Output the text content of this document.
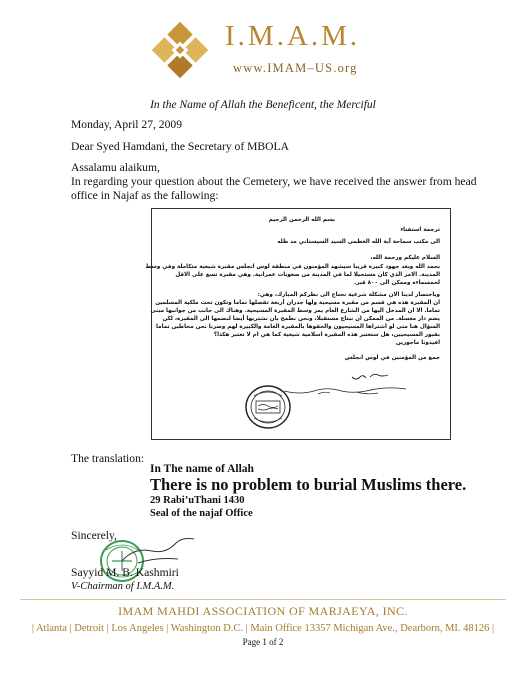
I.M.A.M.
www.IMAM–US.org
In the Name of Allah the Beneficent, the Merciful
Monday, April 27, 2009
Dear Syed Hamdani, the Secretary of MBOLA
Assalamu alaikum,
In regarding your question about the Cemetery, we have received the answer from head
office in Najaf as the fallowing:
بسم الله الرحمن الرحيم
ترجمة استفتاء
الى مكتب سماحة آية الله العظمى السيد السيستاني مد ظله
السلام عليكم ورحمة الله،
بحمد الله وبعد جهود كبيرة قريبا سيشهد المؤمنون في منطقة لوس انجلس مقبرة شيعية متكاملة وفي وسط
المدينة. الامر الذي كان مستحيلا لما في المدينة من صعوبات عمرانية. وهي مقبرة تسع على الاقل
لخمسماءة وممكن الى ٨٠٠ قبر.
وباختصار لدينا الان مشكلة شرعية نحتاج الى نظركم المبارك، وهي:
ان المقبرة هذه هي قسم من مقبرة مسيحية ولها جدران أربعة تفصلها تماما وتكون تحت ملكية المسلمين
تماما. الا ان المدخل اليها من الشارع العام يمر وسط المقبرة المسيحية. وهناك الى جانب من جوانبها مبنى
يضم دار مغسلة. من الممكن ان نبتاع مستقبلا، ونحن نطمح بان نشتريها أيضا لنضمها الى المقبرة، لكن
السؤال هنا متى لو اشتراها المسيحيون والحقوها بالمقبرة العامة والكبيرة لهم وصرنا نحن محاطين تماما
بقبور المسيحيين، هل ستعتبر هذه المقبرة اسلامية شيعية كما هي ام لا تعتبر هكذا؟
افيدونا ماجورين
جمع من المؤمنين في لوس انجلس
The translation:
In The name of Allah
There is no problem to burial Muslims there.
29 Rabi’uThani 1430
Seal of the najaf Office
Sincerely,
Sayyid M. B. Kashmiri
V-Chairman of I.M.A.M.
IMAM MAHDI ASSOCIATION OF MARJAEYA, INC.
| Atlanta | Detroit | Los Angeles | Washington D.C. | Main Office 13357 Michigan Ave., Dearborn, MI. 48126 |
Page 1 of 2
